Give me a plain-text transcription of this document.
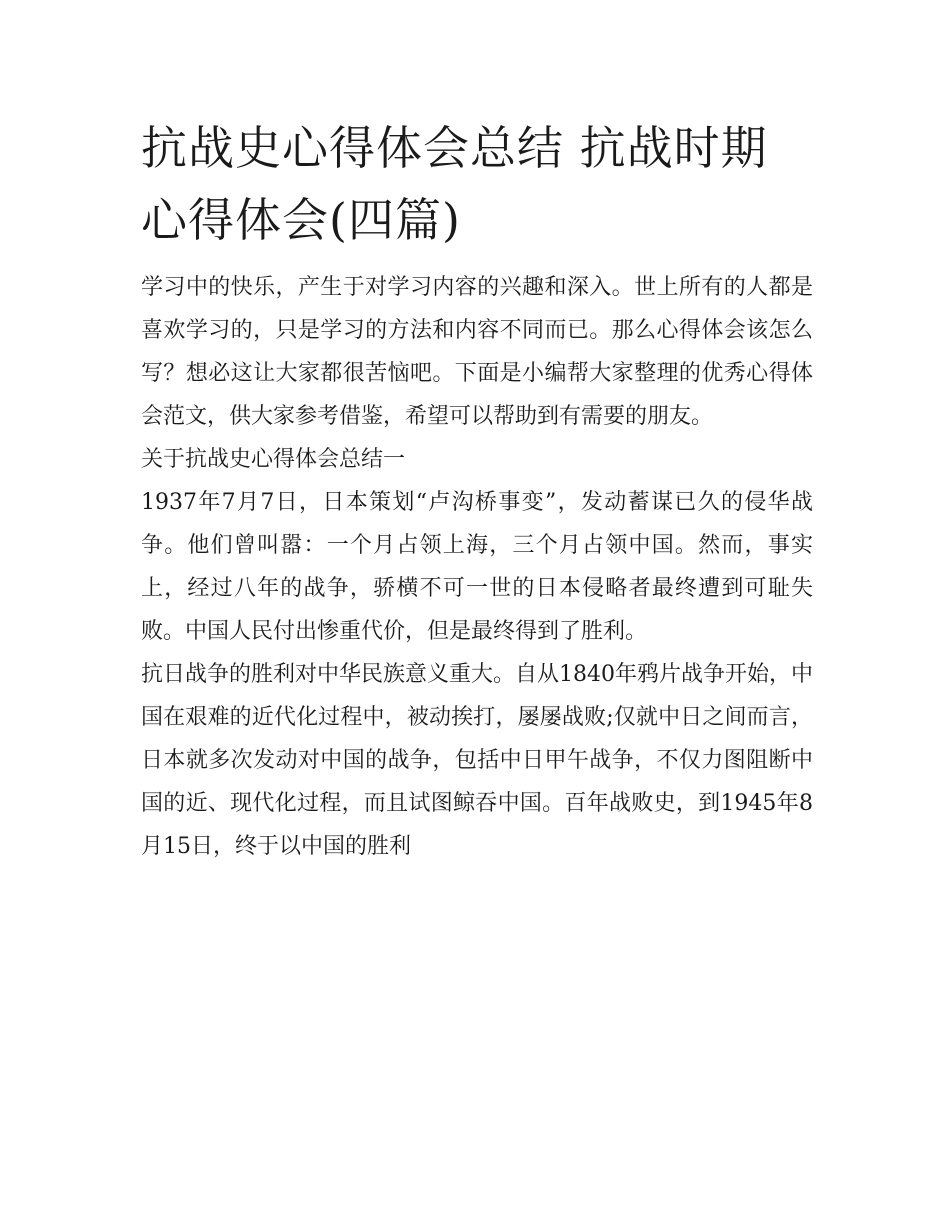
抗战史心得体会总结 抗战时期心得体会(四篇)

学习中的快乐，产生于对学习内容的兴趣和深入。世上所有的人都是喜欢学习的，只是学习的方法和内容不同而已。那么心得体会该怎么写？想必这让大家都很苦恼吧。下面是小编帮大家整理的优秀心得体会范文，供大家参考借鉴，希望可以帮助到有需要的朋友。

关于抗战史心得体会总结一

1937年7月7日，日本策划“卢沟桥事变”，发动蓄谋已久的侵华战争。他们曾叫嚣：一个月占领上海，三个月占领中国。然而，事实上，经过八年的战争，骄横不可一世的日本侵略者最终遭到可耻失败。中国人民付出惨重代价，但是最终得到了胜利。

抗日战争的胜利对中华民族意义重大。自从1840年鸦片战争开始，中国在艰难的近代化过程中，被动挨打，屡屡战败;仅就中日之间而言，日本就多次发动对中国的战争，包括中日甲午战争，不仅力图阻断中国的近、现代化过程，而且试图鲸吞中国。百年战败史，到1945年8月15日，终于以中国的胜利
